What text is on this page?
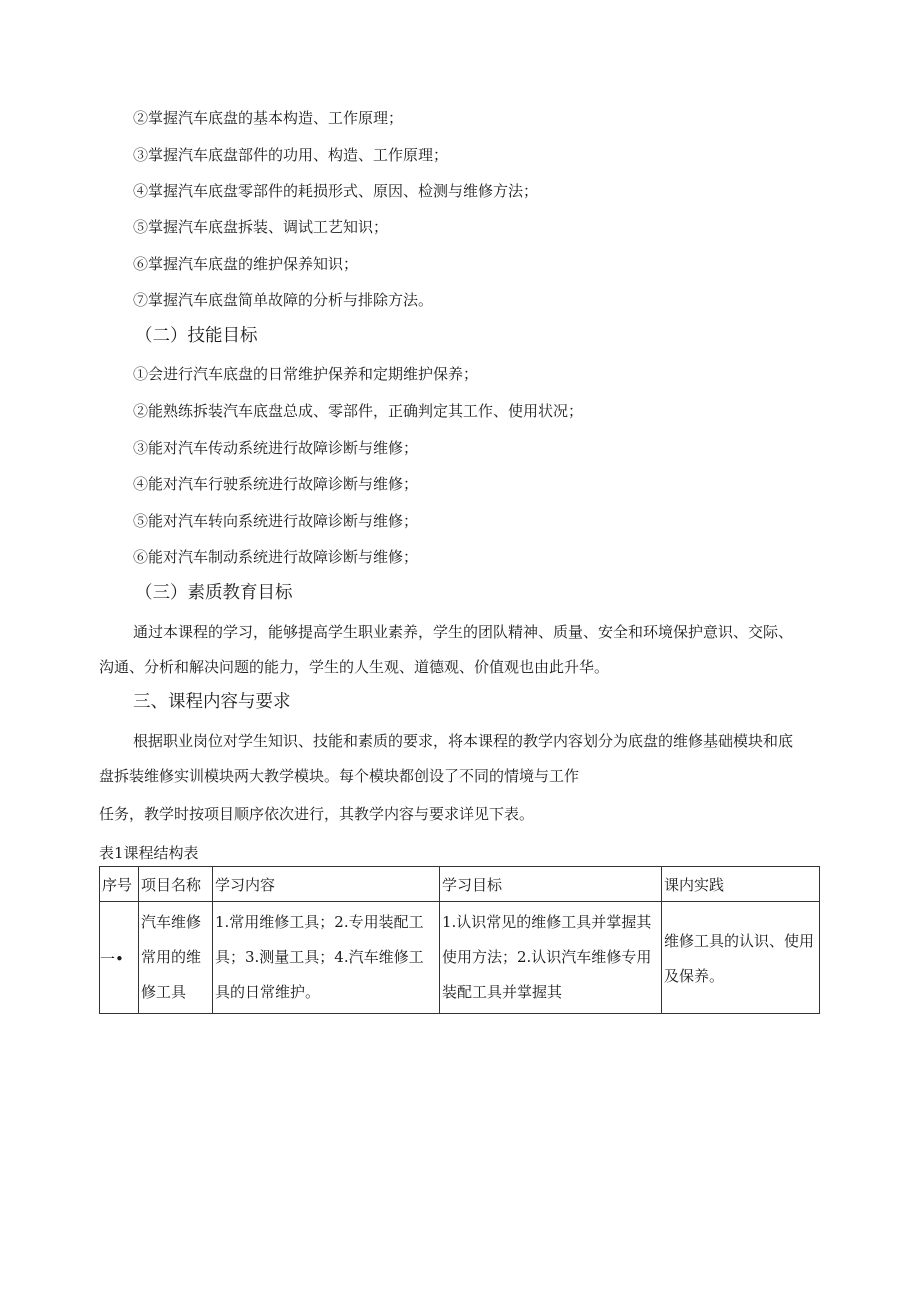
②掌握汽车底盘的基本构造、工作原理；
③掌握汽车底盘部件的功用、构造、工作原理；
④掌握汽车底盘零部件的耗损形式、原因、检测与维修方法；
⑤掌握汽车底盘拆装、调试工艺知识；
⑥掌握汽车底盘的维护保养知识；
⑦掌握汽车底盘简单故障的分析与排除方法。
（二）技能目标
①会进行汽车底盘的日常维护保养和定期维护保养；
②能熟练拆装汽车底盘总成、零部件，正确判定其工作、使用状况；
③能对汽车传动系统进行故障诊断与维修；
④能对汽车行驶系统进行故障诊断与维修；
⑤能对汽车转向系统进行故障诊断与维修；
⑥能对汽车制动系统进行故障诊断与维修；
（三）素质教育目标
通过本课程的学习，能够提高学生职业素养，学生的团队精神、质量、安全和环境保护意识、交际、
沟通、分析和解决问题的能力，学生的人生观、道德观、价值观也由此升华。
三、课程内容与要求
根据职业岗位对学生知识、技能和素质的要求，将本课程的教学内容划分为底盘的维修基础模块和底
盘拆装维修实训模块两大教学模块。每个模块都创设了不同的情境与工作
任务，教学时按项目顺序依次进行，其教学内容与要求详见下表。
表1课程结构表
序号	项目名称	学习内容	学习目标	课内实践
一•	汽车维修常用的维修工具	1.常用维修工具；2.专用装配工具；3.测量工具；4.汽车维修工具的日常维护。	1.认识常见的维修工具并掌握其使用方法；2.认识汽车维修专用装配工具并掌握其	维修工具的认识、使用及保养。
